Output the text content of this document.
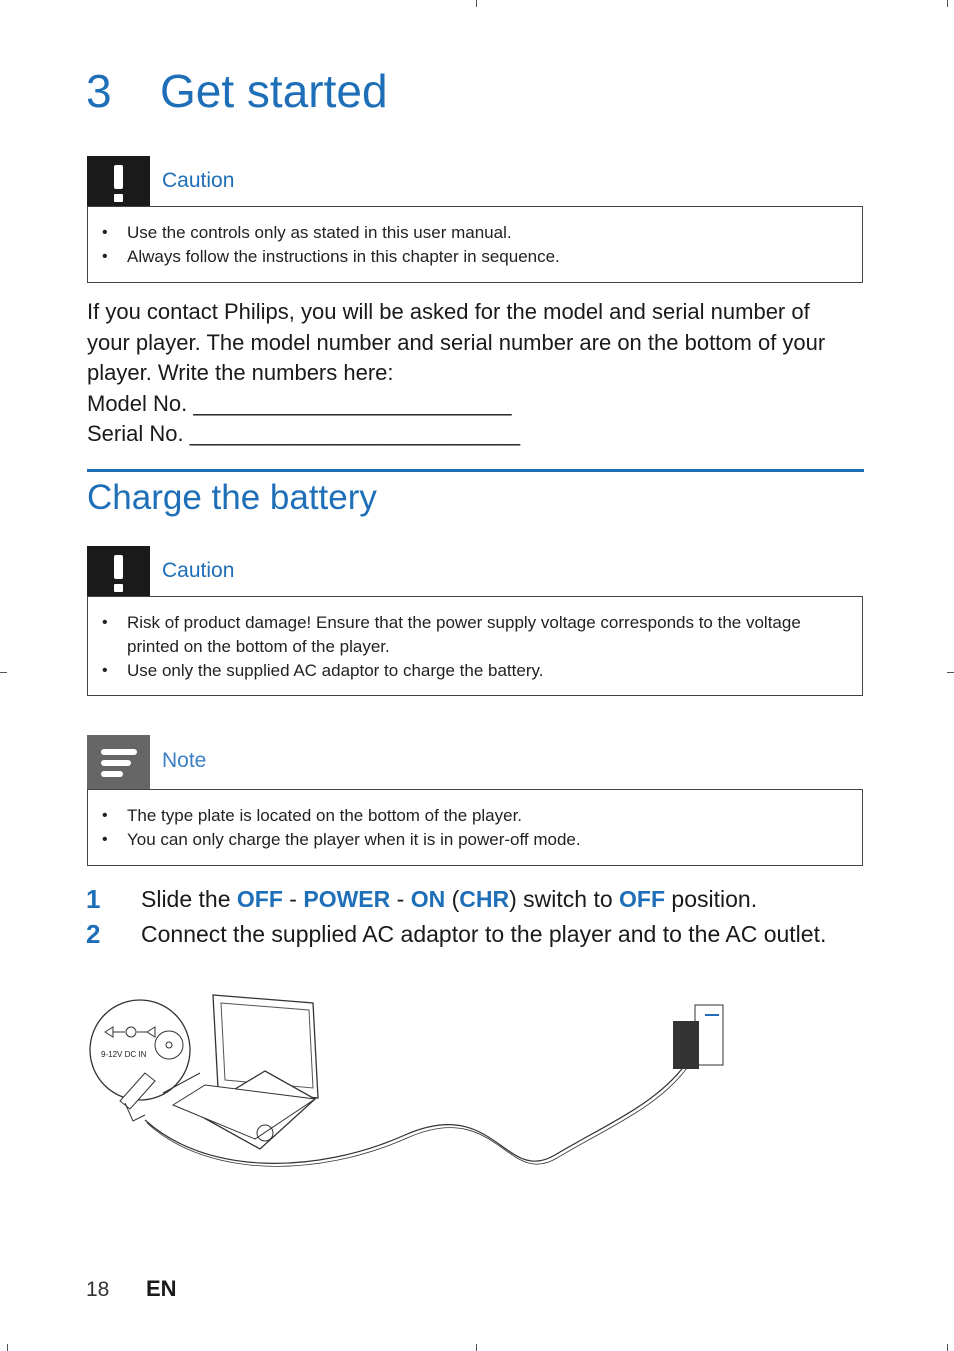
3 Get started
Caution
• Use the controls only as stated in this user manual.
• Always follow the instructions in this chapter in sequence.
If you contact Philips, you will be asked for the model and serial number of
your player. The model number and serial number are on the bottom of your
player. Write the numbers here:
Model No. __________________________
Serial No. ___________________________
Charge the battery
Caution
• Risk of product damage! Ensure that the power supply voltage corresponds to the voltage printed on the bottom of the player.
• Use only the supplied AC adaptor to charge the battery.
Note
• The type plate is located on the bottom of the player.
• You can only charge the player when it is in power-off mode.
1 Slide the OFF - POWER - ON (CHR) switch to OFF position.
2 Connect the supplied AC adaptor to the player and to the AC outlet.
9-12V DC IN
18 EN
